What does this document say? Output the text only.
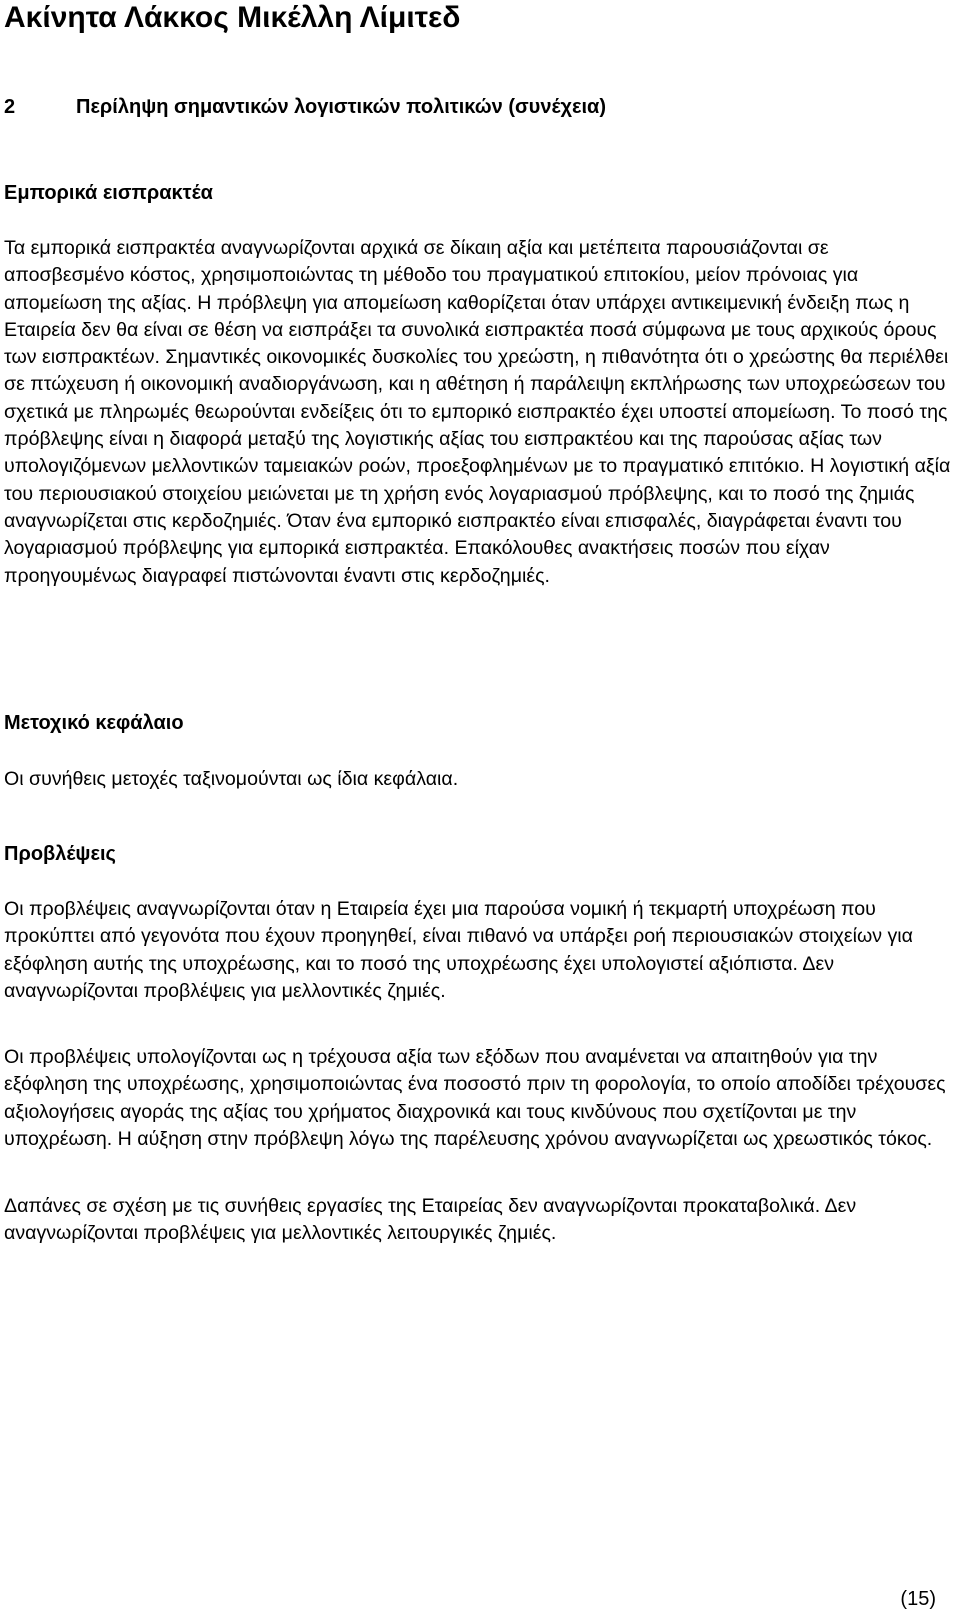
Ακίνητα Λάκκος Μικέλλη Λίμιτεδ
2	Περίληψη σημαντικών λογιστικών πολιτικών (συνέχεια)
Εμπορικά εισπρακτέα

Τα εμπορικά εισπρακτέα αναγνωρίζονται αρχικά σε δίκαιη αξία και μετέπειτα παρουσιάζονται σε αποσβεσμένο κόστος, χρησιμοποιώντας τη μέθοδο του πραγματικού επιτοκίου, μείον πρόνοιας για απομείωση της αξίας. Η πρόβλεψη για απομείωση καθορίζεται όταν υπάρχει αντικειμενική ένδειξη πως η Εταιρεία δεν θα είναι σε θέση να εισπράξει τα συνολικά εισπρακτέα ποσά σύμφωνα με τους αρχικούς όρους των εισπρακτέων. Σημαντικές οικονομικές δυσκολίες του χρεώστη, η πιθανότητα ότι ο χρεώστης θα περιέλθει σε πτώχευση ή οικονομική αναδιοργάνωση, και η αθέτηση ή παράλειψη εκπλήρωσης των υποχρεώσεων του σχετικά με πληρωμές θεωρούνται ενδείξεις ότι το εμπορικό εισπρακτέο έχει υποστεί απομείωση. Το ποσό της πρόβλεψης είναι η διαφορά μεταξύ της λογιστικής αξίας του εισπρακτέου και της παρούσας αξίας των υπολογιζόμενων μελλοντικών ταμειακών ροών, προεξοφλημένων με το πραγματικό επιτόκιο. Η λογιστική αξία του περιουσιακού στοιχείου μειώνεται με τη χρήση ενός λογαριασμού πρόβλεψης, και το ποσό της ζημιάς αναγνωρίζεται στις κερδοζημιές. Όταν ένα εμπορικό εισπρακτέο είναι επισφαλές, διαγράφεται έναντι του λογαριασμού πρόβλεψης για εμπορικά εισπρακτέα. Επακόλουθες ανακτήσεις ποσών που είχαν προηγουμένως διαγραφεί πιστώνονται έναντι στις κερδοζημιές.

Μετοχικό κεφάλαιο

Οι συνήθεις μετοχές ταξινομούνται ως ίδια κεφάλαια.

Προβλέψεις

Οι προβλέψεις αναγνωρίζονται όταν η Εταιρεία έχει μια παρούσα νομική ή τεκμαρτή υποχρέωση που προκύπτει από γεγονότα που έχουν προηγηθεί, είναι πιθανό να υπάρξει ροή περιουσιακών στοιχείων για εξόφληση αυτής της υποχρέωσης, και το ποσό της υποχρέωσης έχει υπολογιστεί αξιόπιστα. Δεν αναγνωρίζονται προβλέψεις για μελλοντικές ζημιές.

Οι προβλέψεις υπολογίζονται ως η τρέχουσα αξία των εξόδων που αναμένεται να απαιτηθούν για την εξόφληση της υποχρέωσης, χρησιμοποιώντας ένα ποσοστό πριν τη φορολογία, το οποίο αποδίδει τρέχουσες αξιολογήσεις αγοράς της αξίας του χρήματος διαχρονικά και τους κινδύνους που σχετίζονται με την υποχρέωση. Η αύξηση στην πρόβλεψη λόγω της παρέλευσης χρόνου αναγνωρίζεται ως χρεωστικός τόκος.

Δαπάνες σε σχέση με τις συνήθεις εργασίες της Εταιρείας δεν αναγνωρίζονται προκαταβολικά. Δεν αναγνωρίζονται προβλέψεις για μελλοντικές λειτουργικές ζημιές.

(15)
